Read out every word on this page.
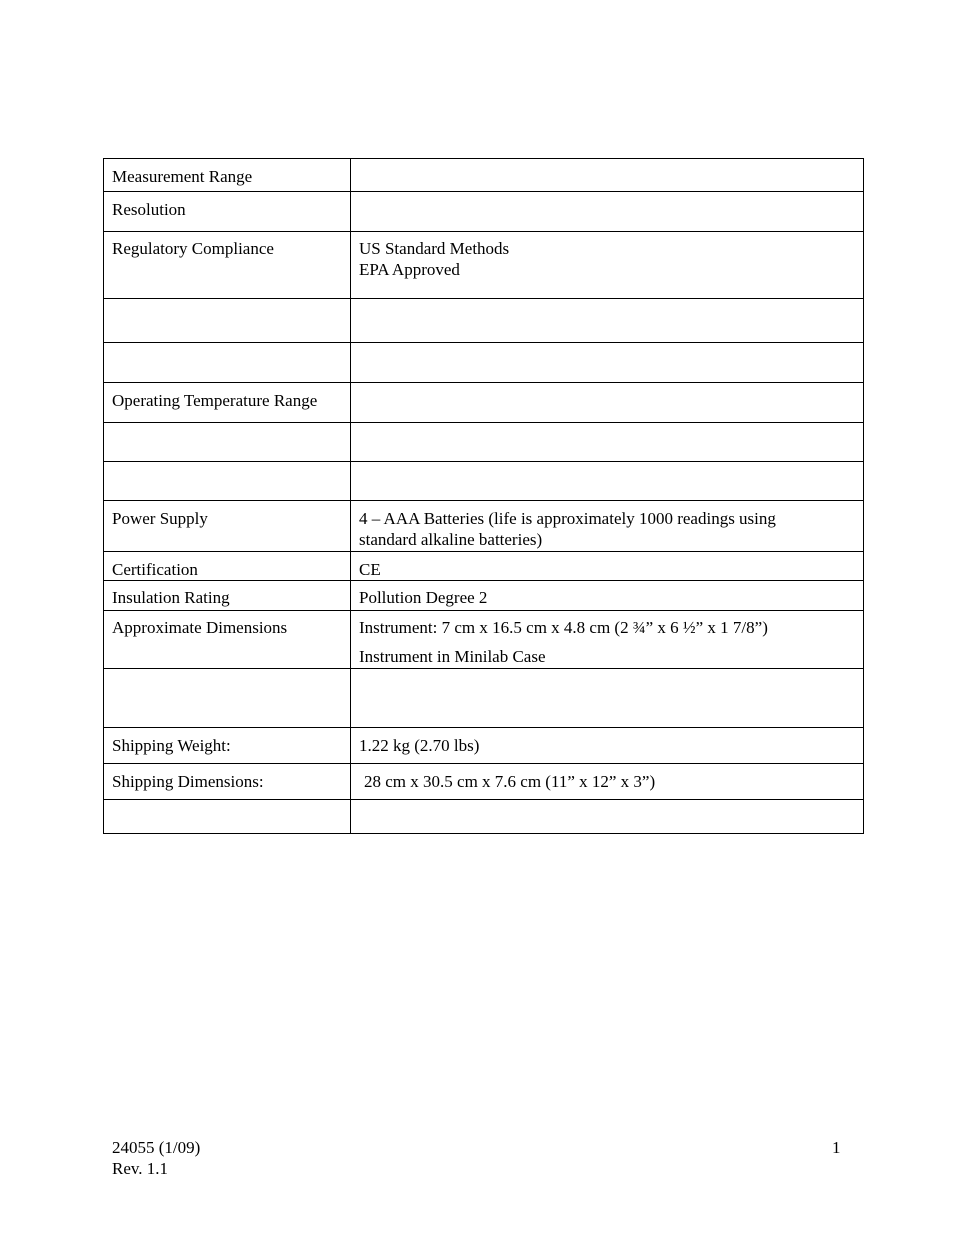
Measurement Range	
Resolution	
Regulatory Compliance	US Standard Methods
EPA Approved

Operating Temperature Range	

Power Supply	4 – AAA Batteries (life is approximately 1000 readings using
standard alkaline batteries)

Certification	CE
Insulation Rating	Pollution Degree 2
Approximate Dimensions	Instrument: 7 cm x 16.5 cm x 4.8 cm (2 ¾” x 6 ½” x 1 7/8”)
Instrument in Minilab Case

Shipping Weight:	1.22 kg (2.70 lbs)
Shipping Dimensions:	28 cm x 30.5 cm x 7.6 cm (11” x 12” x 3”)

24055 (1/09)
Rev. 1.1
1
